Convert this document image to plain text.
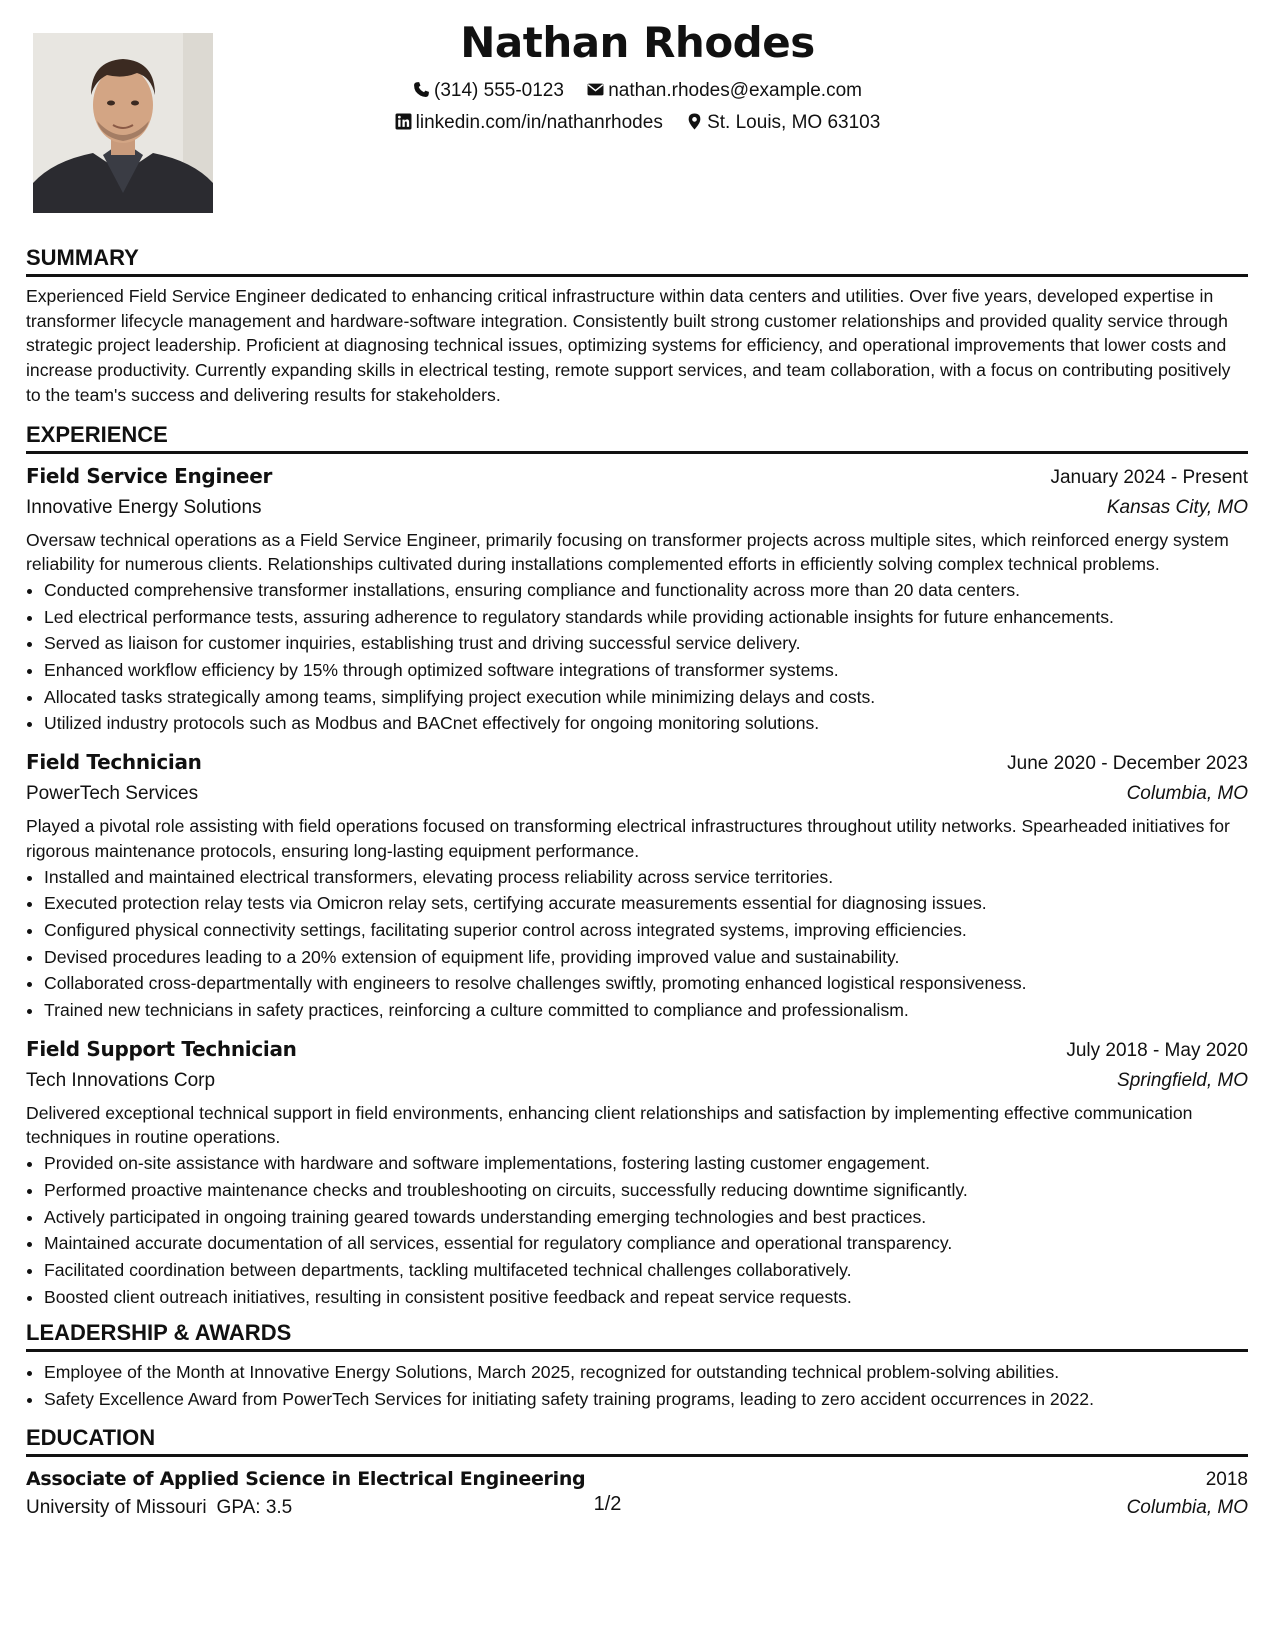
Nathan Rhodes
(314) 555-0123 nathan.rhodes@example.com
linkedin.com/in/nathanrhodes St. Louis, MO 63103
SUMMARY

Experienced Field Service Engineer dedicated to enhancing critical infrastructure within data centers and utilities. Over five years, developed expertise in transformer lifecycle management and hardware-software integration. Consistently built strong customer relationships and provided quality service through strategic project leadership. Proficient at diagnosing technical issues, optimizing systems for efficiency, and operational improvements that lower costs and increase productivity. Currently expanding skills in electrical testing, remote support services, and team collaboration, with a focus on contributing positively to the team's success and delivering results for stakeholders.

EXPERIENCE
Field Service Engineer	January 2024 - Present
Innovative Energy Solutions	Kansas City, MO

Oversaw technical operations as a Field Service Engineer, primarily focusing on transformer projects across multiple sites, which reinforced energy system reliability for numerous clients. Relationships cultivated during installations complemented efforts in efficiently solving complex technical problems.

• Conducted comprehensive transformer installations, ensuring compliance and functionality across more than 20 data centers.
• Led electrical performance tests, assuring adherence to regulatory standards while providing actionable insights for future enhancements.
• Served as liaison for customer inquiries, establishing trust and driving successful service delivery.
• Enhanced workflow efficiency by 15% through optimized software integrations of transformer systems.
• Allocated tasks strategically among teams, simplifying project execution while minimizing delays and costs.
• Utilized industry protocols such as Modbus and BACnet effectively for ongoing monitoring solutions.
Field Technician	June 2020 - December 2023
PowerTech Services	Columbia, MO

Played a pivotal role assisting with field operations focused on transforming electrical infrastructures throughout utility networks. Spearheaded initiatives for rigorous maintenance protocols, ensuring long-lasting equipment performance.

• Installed and maintained electrical transformers, elevating process reliability across service territories.
• Executed protection relay tests via Omicron relay sets, certifying accurate measurements essential for diagnosing issues.
• Configured physical connectivity settings, facilitating superior control across integrated systems, improving efficiencies.
• Devised procedures leading to a 20% extension of equipment life, providing improved value and sustainability.
• Collaborated cross-departmentally with engineers to resolve challenges swiftly, promoting enhanced logistical responsiveness.
• Trained new technicians in safety practices, reinforcing a culture committed to compliance and professionalism.
Field Support Technician	July 2018 - May 2020
Tech Innovations Corp	Springfield, MO

Delivered exceptional technical support in field environments, enhancing client relationships and satisfaction by implementing effective communication techniques in routine operations.

• Provided on-site assistance with hardware and software implementations, fostering lasting customer engagement.
• Performed proactive maintenance checks and troubleshooting on circuits, successfully reducing downtime significantly.
• Actively participated in ongoing training geared towards understanding emerging technologies and best practices.
• Maintained accurate documentation of all services, essential for regulatory compliance and operational transparency.
• Facilitated coordination between departments, tackling multifaceted technical challenges collaboratively.
• Boosted client outreach initiatives, resulting in consistent positive feedback and repeat service requests.
LEADERSHIP & AWARDS
• Employee of the Month at Innovative Energy Solutions, March 2025, recognized for outstanding technical problem-solving abilities.
• Safety Excellence Award from PowerTech Services for initiating safety training programs, leading to zero accident occurrences in 2022.
EDUCATION
Associate of Applied Science in Electrical Engineering	2018
University of Missouri GPA: 3.5	Columbia, MO
1/2
